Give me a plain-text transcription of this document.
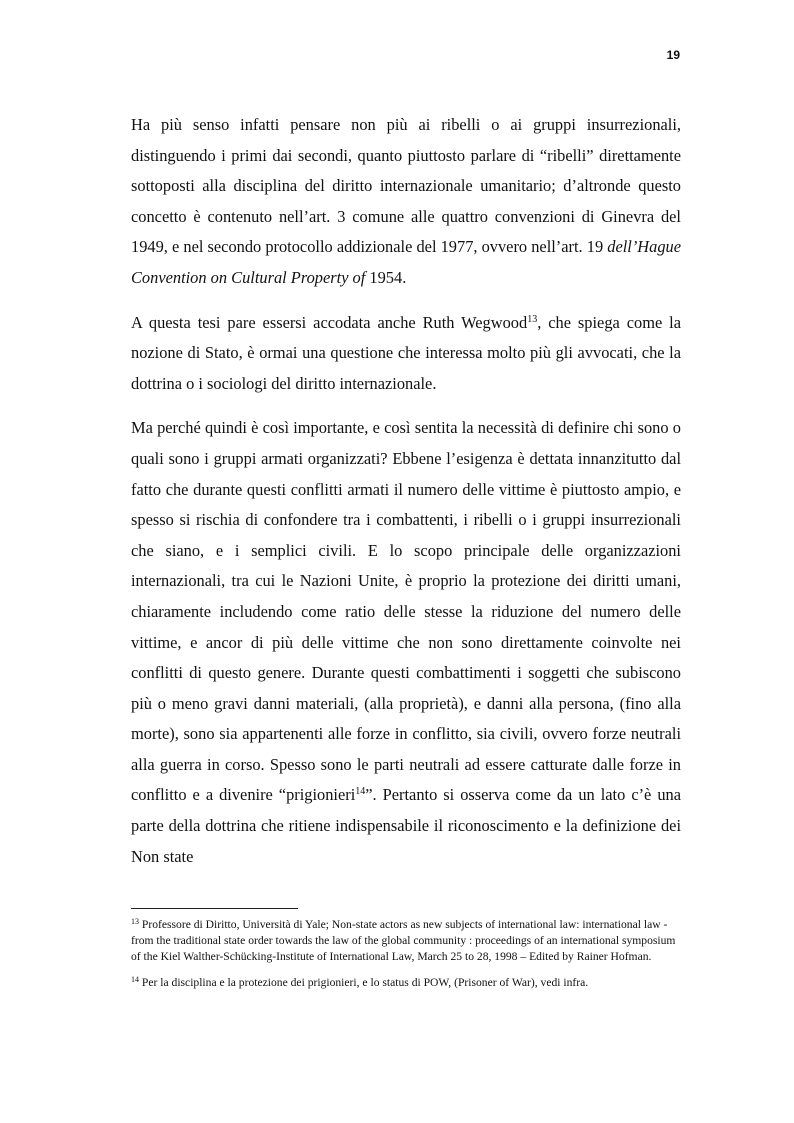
19

Ha più senso infatti pensare non più ai ribelli o ai gruppi insurrezionali, distinguendo i primi dai secondi, quanto piuttosto parlare di “ribelli” direttamente sottoposti alla disciplina del diritto internazionale umanitario; d’altronde questo concetto è contenuto nell’art. 3 comune alle quattro convenzioni di Ginevra del 1949, e nel secondo protocollo addizionale del 1977, ovvero nell’art. 19 dell’Hague Convention on Cultural Property of 1954.

A questa tesi pare essersi accodata anche Ruth Wegwood$^{13}$, che spiega come la nozione di Stato, è ormai una questione che interessa molto più gli avvocati, che la dottrina o i sociologi del diritto internazionale.

Ma perché quindi è così importante, e così sentita la necessità di definire chi sono o quali sono i gruppi armati organizzati? Ebbene l’esigenza è dettata innanzitutto dal fatto che durante questi conflitti armati il numero delle vittime è piuttosto ampio, e spesso si rischia di confondere tra i combattenti, i ribelli o i gruppi insurrezionali che siano, e i semplici civili. E lo scopo principale delle organizzazioni internazionali, tra cui le Nazioni Unite, è proprio la protezione dei diritti umani, chiaramente includendo come ratio delle stesse la riduzione del numero delle vittime, e ancor di più delle vittime che non sono direttamente coinvolte nei conflitti di questo genere. Durante questi combattimenti i soggetti che subiscono più o meno gravi danni materiali, (alla proprietà), e danni alla persona, (fino alla morte), sono sia appartenenti alle forze in conflitto, sia civili, ovvero forze neutrali alla guerra in corso. Spesso sono le parti neutrali ad essere catturate dalle forze in conflitto e a divenire “prigionieri$^{14}$”. Pertanto si osserva come da un lato c’è una parte della dottrina che ritiene indispensabile il riconoscimento e la definizione dei Non state

$^{13}$ Professore di Diritto, Università di Yale; Non-state actors as new subjects of international law: international law - from the traditional state order towards the law of the global community : proceedings of an international symposium of the Kiel Walther-Schücking-Institute of International Law, March 25 to 28, 1998 – Edited by Rainer Hofman.

$^{14}$ Per la disciplina e la protezione dei prigionieri, e lo status di POW, (Prisoner of War), vedi infra.
